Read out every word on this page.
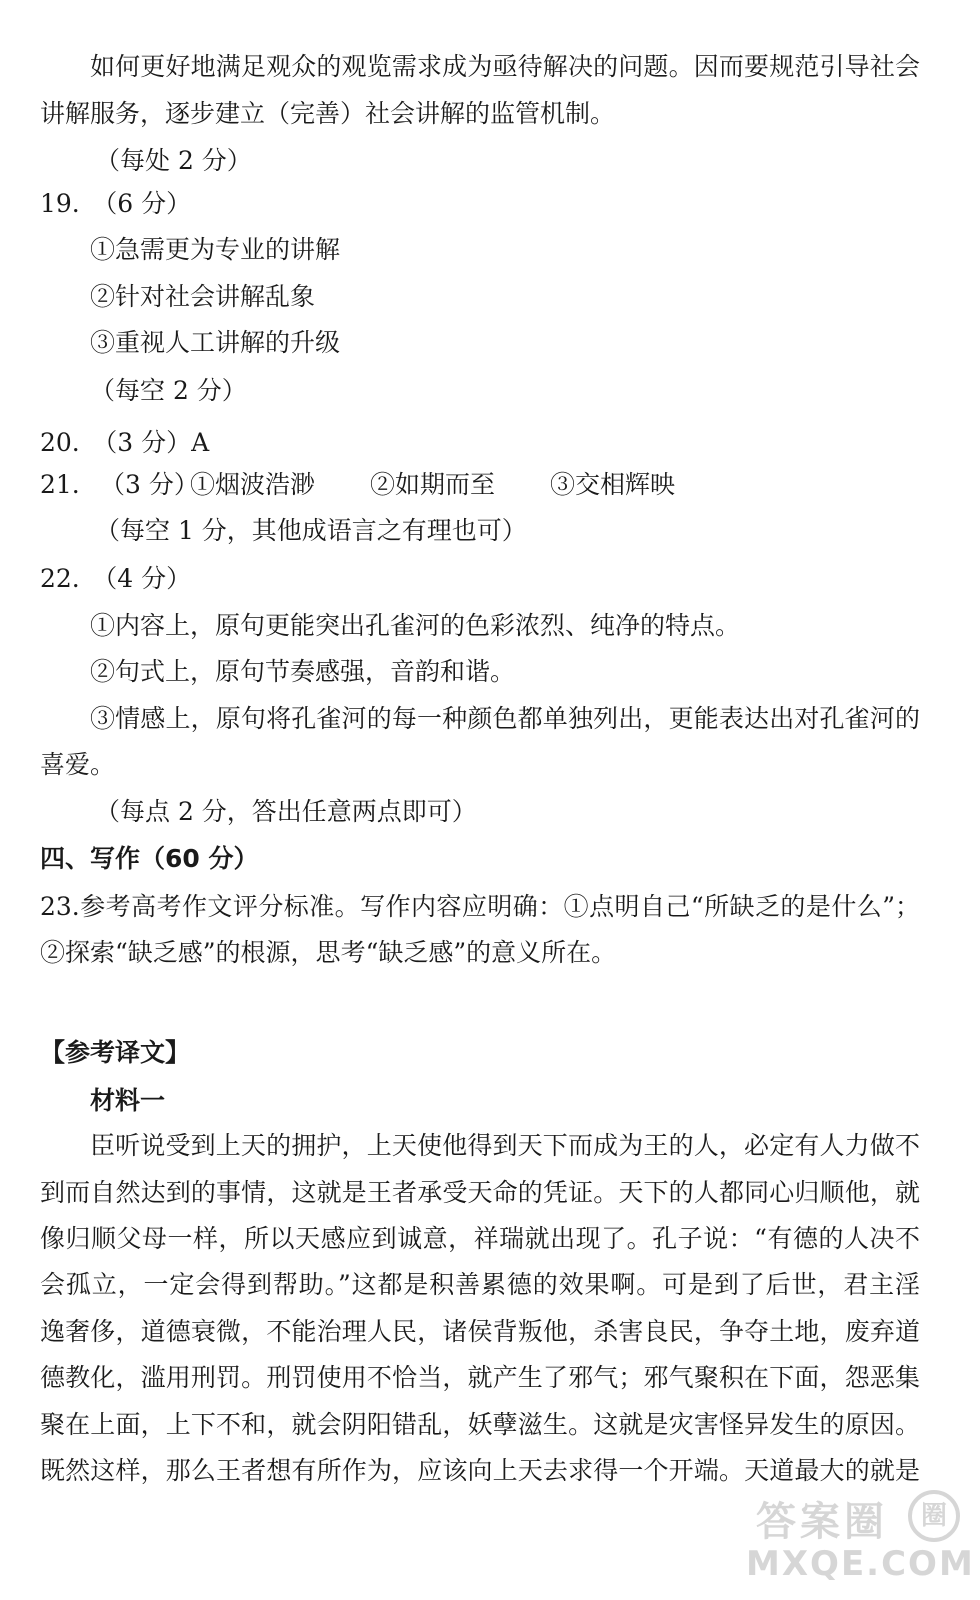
如何更好地满足观众的观览需求成为亟待解决的问题。因而要规范引导社会
讲解服务，逐步建立（完善）社会讲解的监管机制。
（每处 2 分）
19.　（6 分）
①急需更为专业的讲解
②针对社会讲解乱象
③重视人工讲解的升级
（每空 2 分）
20.　（3 分）A
21. （3 分）
①烟波浩渺 ②如期而至 ③交相辉映
（每空 1 分，其他成语言之有理也可）
22.　（4 分）
①内容上，原句更能突出孔雀河的色彩浓烈、纯净的特点。
②句式上，原句节奏感强，音韵和谐。
③情感上，原句将孔雀河的每一种颜色都单独列出，更能表达出对孔雀河的
喜爱。
（每点 2 分，答出任意两点即可）
四、写作（60 分）
23.参考高考作文评分标准。写作内容应明确：①点明自己“所缺乏的是什么”；
②探索“缺乏感”的根源，思考“缺乏感”的意义所在。
【参考译文】
材料一
臣听说受到上天的拥护，上天使他得到天下而成为王的人，必定有人力做不
到而自然达到的事情，这就是王者承受天命的凭证。天下的人都同心归顺他，就
像归顺父母一样，所以天感应到诚意，祥瑞就出现了。孔子说：“有德的人决不
会孤立，一定会得到帮助。”这都是积善累德的效果啊。可是到了后世，君主淫
逸奢侈，道德衰微，不能治理人民，诸侯背叛他，杀害良民，争夺土地，废弃道
德教化，滥用刑罚。刑罚使用不恰当，就产生了邪气；邪气聚积在下面，怨恶集
聚在上面，上下不和，就会阴阳错乱，妖孽滋生。这就是灾害怪异发生的原因。
既然这样，那么王者想有所作为，应该向上天去求得一个开端。天道最大的就是
答案圈	圈
MXQE.COM
